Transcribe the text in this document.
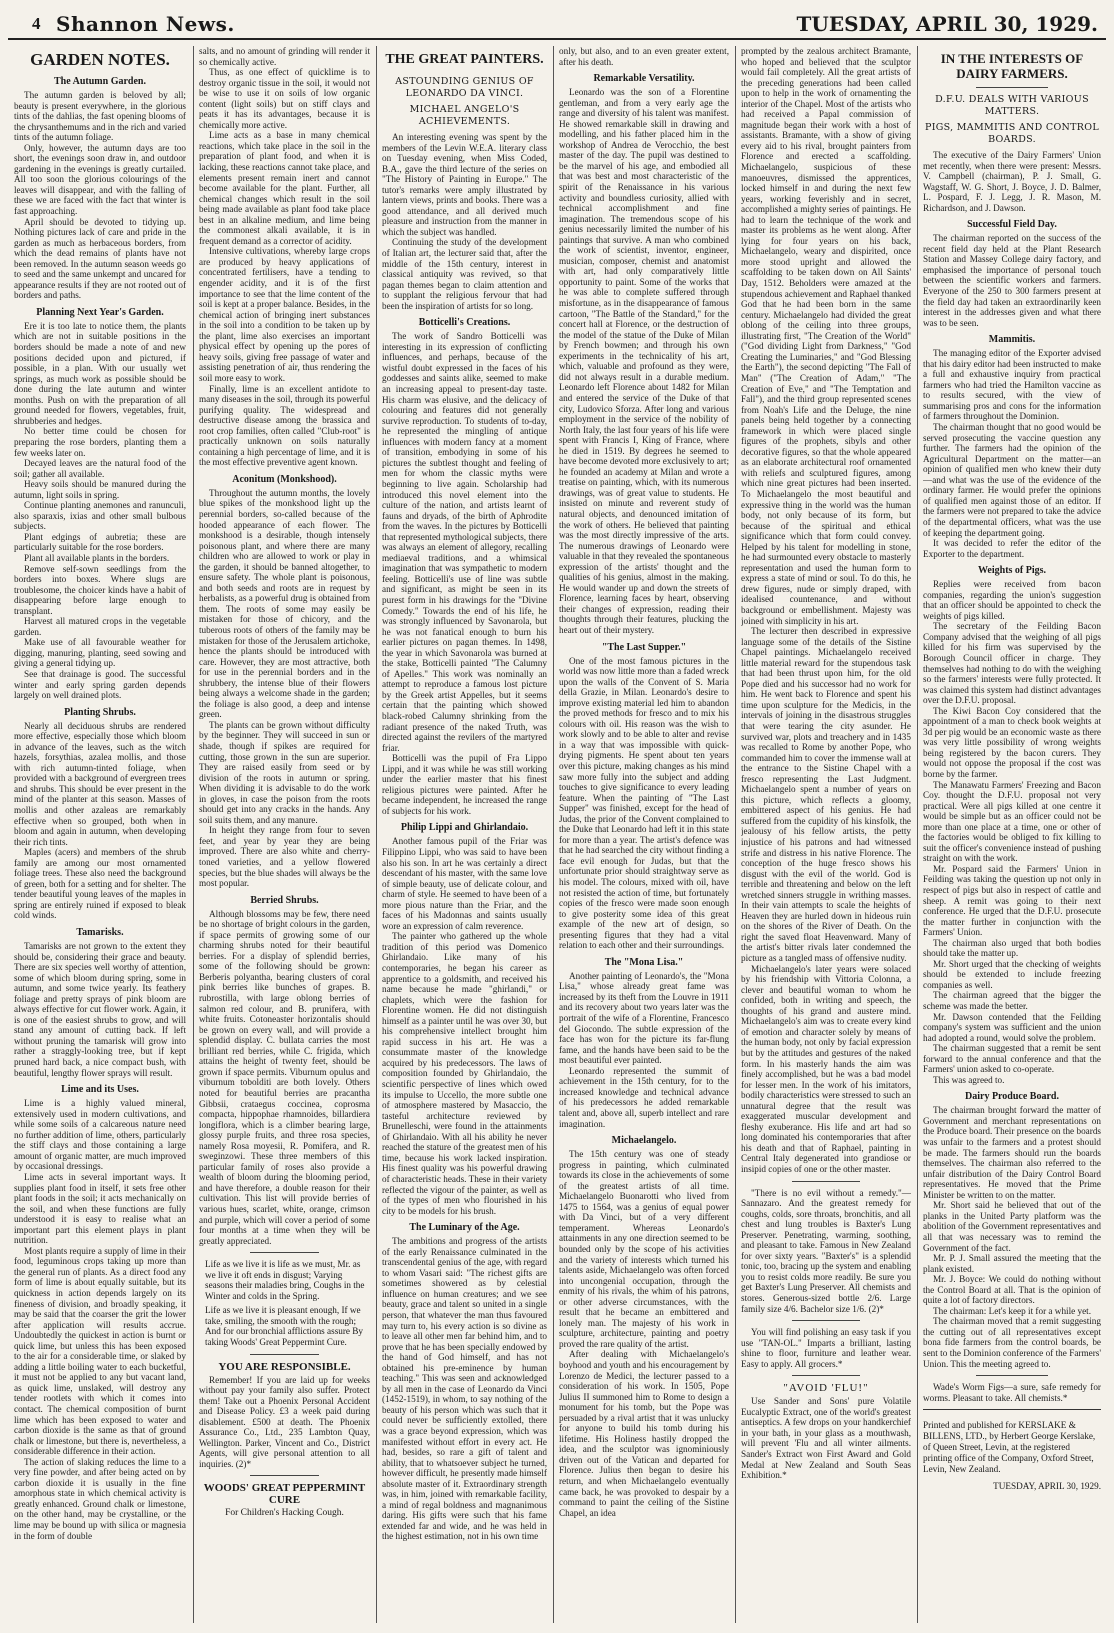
4 Shannon News.	TUESDAY, APRIL 30, 1929.
GARDEN NOTES.
The Autumn Garden.

The autumn garden is beloved by all; beauty is present everywhere, in the glorious tints of the dahlias, the fast opening blooms of the chrysanthemums and in the rich and varied tints of the autumn foliage.

Only, however, the autumn days are too short, the evenings soon draw in, and outdoor gardening in the evenings is greatly curtailed. All too soon the glorious colourings of the leaves will disappear, and with the falling of these we are faced with the fact that winter is fast approaching.

April should be devoted to tidying up. Nothing pictures lack of care and pride in the garden as much as herbaceous borders, from which the dead remains of plants have not been removed. In the autumn season weeds go to seed and the same unkempt and uncared for appearance results if they are not rooted out of borders and paths.

Planning Next Year's Garden.

Ere it is too late to notice them, the plants which are not in suitable positions in the borders should be made a note of and new positions decided upon and pictured, if possible, in a plan. With our usually wet springs, as much work as possible should be done during the late autumn and winter months. Push on with the preparation of all ground needed for flowers, vegetables, fruit, shrubberies and hedges.

No better time could be chosen for preparing the rose borders, planting them a few weeks later on.

Decayed leaves are the natural food of the soil; gather all available.

Heavy soils should be manured during the autumn, light soils in spring.

Continue planting anemones and ranunculi, also sparaxis, ixias and other small bulbous subjects.

Plant edgings of aubretia; these are particularly suitable for the rose borders.

Plant all available plants in the borders.

Remove self-sown seedlings from the borders into boxes. Where slugs are troublesome, the choicer kinds have a habit of disappearing before large enough to transplant.

Harvest all matured crops in the vegetable garden.

Make use of all favourable weather for digging, manuring, planting, seed sowing and giving a general tidying up.

See that drainage is good. The successful winter and early spring garden depends largely on well drained plots.

Planting Shrubs.

Nearly all deciduous shrubs are rendered more effective, especially those which bloom in advance of the leaves, such as the witch hazels, forsythias, azalea mollis, and those with rich autumn-tinted foliage, when provided with a background of evergreen trees and shrubs. This should be ever present in the mind of the planter at this season. Masses of mollis and other azaleas are remarkably effective when so grouped, both when in bloom and again in autumn, when developing their rich tints.

Maples (acers) and members of the shrub family are among our most ornamented foliage trees. These also need the background of green, both for a setting and for shelter. The tender beautiful young leaves of the maples in spring are entirely ruined if exposed to bleak cold winds.

Tamarisks.

Tamarisks are not grown to the extent they should be, considering their grace and beauty. There are six species well worthy of attention, some of which bloom during spring, some in autumn, and some twice yearly. Its feathery foliage and pretty sprays of pink bloom are always effective for cut flower work. Again, it is one of the easiest shrubs to grow, and will stand any amount of cutting back. If left without pruning the tamarisk will grow into rather a straggly-looking tree, but if kept pruned hard back, a nice compact bush, with beautiful, lengthy flower sprays will result.

Lime and its Uses.

Lime is a highly valued mineral, extensively used in modern cultivations, and while some soils of a calcareous nature need no further addition of lime, others, particularly the stiff clays and those containing a large amount of organic matter, are much improved by occasional dressings.

Lime acts in several important ways. It supplies plant food in itself, it sets free other plant foods in the soil; it acts mechanically on the soil, and when these functions are fully understood it is easy to realise what an important part this element plays in plant nutrition.

Most plants require a supply of lime in their food, leguminous crops taking up more than the general run of plants. As a direct food any form of lime is about equally suitable, but its quickness in action depends largely on its fineness of division, and broadly speaking, it may be said that the coarser the grit the lower after application will results accrue. Undoubtedly the quickest in action is burnt or quick lime, but unless this has been exposed to the air for a considerable time, or slaked by adding a little boiling water to each bucketful, it must not be applied to any but vacant land, as quick lime, unslaked, will destroy any tender rootlets with which it comes into contact. The chemical composition of burnt lime which has been exposed to water and carbon dioxide is the same as that of ground chalk or limestone, but there is, nevertheless, a considerable difference in their action.

The action of slaking reduces the lime to a very fine powder, and after being acted on by carbon dioxide it is usually in the fine amorphous state in which chemical activity is greatly enhanced. Ground chalk or limestone, on the other hand, may be crystalline, or the lime may be bound up with silica or magnesia in the form of double

salts, and no amount of grinding will render it so chemically active.

Thus, as one effect of quicklime is to destroy organic tissue in the soil, it would not be wise to use it on soils of low organic content (light soils) but on stiff clays and peats it has its advantages, because it is chemically more active.

Lime acts as a base in many chemical reactions, which take place in the soil in the preparation of plant food, and when it is lacking, these reactions cannot take place, and elements present remain inert and cannot become available for the plant. Further, all chemical changes which result in the soil being made available as plant food take place best in an alkaline medium, and lime being the commonest alkali available, it is in frequent demand as a corrector of acidity.

Intensive cultivations, whereby large crops are produced by heavy applications of concentrated fertilisers, have a tending to engender acidity, and it is of the first importance to see that the lime content of the soil is kept at a proper balance. Besides, in the chemical action of bringing inert substances in the soil into a condition to be taken up by the plant, lime also exercises an important physical effect by opening up the pores of heavy soils, giving free passage of water and assisting penetration of air, thus rendering the soil more easy to work.

Finally, lime is an excellent antidote to many diseases in the soil, through its powerful purifying quality. The widespread and destructive disease among the brassica and root crop families, often called "Club-root" is practically unknown on soils naturally containing a high percentage of lime, and it is the most effective preventive agent known.

Aconitum (Monkshood).

Throughout the autumn months, the lovely blue spikes of the monkshood light up the perennial borders, so-called because of the hooded appearance of each flower. The monkshood is a desirable, though intensely poisonous plant, and where there are many children who are allowed to work or play in the garden, it should be banned altogether, to ensure safety. The whole plant is poisonous, and both seeds and roots are in request by herbalists, as a powerful drug is obtained from them. The roots of some may easily be mistaken for those of chicory, and the tuberous roots of others of the family may be mistaken for those of the Jerusalem artichoke, hence the plants should be introduced with care. However, they are most attractive, both for use in the perennial borders and in the shrubbery, the intense blue of their flowers being always a welcome shade in the garden; the foliage is also good, a deep and intense green.

The plants can be grown without difficulty by the beginner. They will succeed in sun or shade, though if spikes are required for cutting, those grown in the sun are superior. They are raised easily from seed or by division of the roots in autumn or spring. When dividing it is advisable to do the work in gloves, in case the poison from the roots should get into any cracks in the hands. Any soil suits them, and any manure.

In height they range from four to seven feet, and year by year they are being improved. There are also white and cherry-toned varieties, and a yellow flowered species, but the blue shades will always be the most popular.

Berried Shrubs.

Although blossoms may be few, there need be no shortage of bright colours in the garden, if space permits of growing some of our charming shrubs noted for their beautiful berries. For a display of splendid berries, some of the following should be grown: Berberis polyantha, bearing clusters of coral pink berries like bunches of grapes. B. rubrostilla, with large oblong berries of salmon red colour, and B. prunifera, with white fruits. Cotoneaster horizontalis should be grown on every wall, and will provide a splendid display. C. bullata carries the most brilliant red berries, while C. frigida, which attains the height of twenty feet, should be grown if space permits. Viburnum opulus and viburnum tobolditi are both lovely. Others noted for beautiful berries are pracantha Gibbsii, crataegus coccinea, coprosma compacta, hippophae rhamnoides, billardiera longiflora, which is a climber bearing large, glossy purple fruits, and three rosa species, namely Rosa moyesii, R. Pomifera, and R. sweginzowi. These three members of this particular family of roses also provide a wealth of bloom during the blooming period, and have therefore, a double reason for their cultivation. This list will provide berries of various hues, scarlet, white, orange, crimson and purple, which will cover a period of some four months at a time when they will be greatly appreciated.

Life as we live it is life as we must, Mr. as we live it oft ends in disgust; Varying seasons their maladies bring, Coughs in the Winter and colds in the Spring.

Life as we live it is pleasant enough, If we take, smiling, the smooth with the rough; And for our bronchial afflictions assure By taking Woods' Great Peppermint Cure.

YOU ARE RESPONSIBLE.

Remember! If you are laid up for weeks without pay your family also suffer. Protect them! Take out a Phoenix Personal Accident and Disease Policy. £3 a week paid during disablement. £500 at death. The Phoenix Assurance Co., Ltd., 235 Lambton Quay, Wellington. Parker, Vincent and Co., District Agents, will give personal attention to all inquiries. (2)*

WOODS' GREAT PEPPERMINT CURE

For Children's Hacking Cough.

THE GREAT PAINTERS.
ASTOUNDING GENIUS OF LEONARDO DA VINCI.
MICHAEL ANGELO'S ACHIEVEMENTS.

An interesting evening was spent by the members of the Levin W.E.A. literary class on Tuesday evening, when Miss Coded, B.A., gave the third lecture of the series on "The History of Painting in Europe." The tutor's remarks were amply illustrated by lantern views, prints and books. There was a good attendance, and all derived much pleasure and instruction from the manner in which the subject was handled.

Continuing the study of the development of Italian art, the lecturer said that, after the middle of the 15th century, interest in classical antiquity was revived, so that pagan themes began to claim attention and to supplant the religious fervour that had been the inspiration of artists for so long.

Botticelli's Creations.

The work of Sandro Botticelli was interesting in its expression of conflicting influences, and perhaps, because of the wistful doubt expressed in the faces of his goddesses and saints alike, seemed to make an increasing appeal to present-day taste. His charm was elusive, and the delicacy of colouring and features did not generally survive reproduction. To students of to-day, he represented the mingling of antique influences with modern fancy at a moment of transition, embodying in some of his pictures the subtlest thought and feeling of men for whom the classic myths were beginning to live again. Scholarship had introduced this novel element into the culture of the nation, and artists learnt of fauns and dryads, of the birth of Aphrodite from the waves. In the pictures by Botticelli that represented mythological subjects, there was always an element of allegory, recalling mediaeval traditions, and a whimsical imagination that was sympathetic to modern feeling. Botticelli's use of line was subtle and significant, as might be seen in its purest form in his drawings for the "Divine Comedy." Towards the end of his life, he was strongly influenced by Savonarola, but he was not fanatical enough to burn his earlier pictures on pagan themes. In 1498, the year in which Savonarola was burned at the stake, Botticelli painted "The Calumny of Apelles." This work was nominally an attempt to reproduce a famous lost picture by the Greek artist Appelles, but it seems certain that the painting which showed black-robed Calumny shrinking from the radiant presence of the naked Truth, was directed against the revilers of the martyred friar.

Botticelli was the pupil of Fra Lippo Lippi, and it was while he was still working under the earlier master that his finest religious pictures were painted. After he became independent, he increased the range of subjects for his work.

Philip Lippi and Ghirlandaio.

Another famous pupil of the Friar was Filippino Lippi, who was said to have been also his son. In art he was certainly a direct descendant of his master, with the same love of simple beauty, use of delicate colour, and charm of style. He seemed to have been of a more pious nature than the Friar, and the faces of his Madonnas and saints usually wore an expression of calm reverence.

The painter who gathered up the whole tradition of this period was Domenico Ghirlandaio. Like many of his contemporaries, he began his career as apprentice to a goldsmith, and received his name because he made "ghirlandi," or chaplets, which were the fashion for Florentine women. He did not distinguish himself as a painter until he was over 30, but his comprehensive intellect brought him rapid success in his art. He was a consummate master of the knowledge acquired by his predecessors. The laws of composition founded by Ghirlandaio, the scientific perspective of lines which owed its impulse to Uccello, the more subtle one of atmosphere mastered by Masaccio, the tasteful architecture reviewed by Brunelleschi, were found in the attainments of Ghirlandaio. With all his ability he never reached the stature of the greatest men of his time, because his work lacked inspiration. His finest quality was his powerful drawing of characteristic heads. These in their variety reflected the vigour of the painter, as well as of the types of men who flourished in his city to be models for his brush.

The Luminary of the Age.

The ambitions and progress of the artists of the early Renaissance culminated in the transcendental genius of the age, with regard to whom Vasari said: "The richest gifts are sometimes showered as by celestial influence on human creatures; and we see beauty, grace and talent so united in a single person, that whatever the man thus favoured may turn to, his every action is so divine as to leave all other men far behind him, and to prove that he has been specially endowed by the hand of God himself, and has not obtained his pre-eminence by human teaching." This was seen and acknowledged by all men in the case of Leonardo da Vinci (1452-1519), in whom, to say nothing of the beauty of his person which was such that it could never be sufficiently extolled, there was a grace beyond expression, which was manifested without effort in every act. He had, besides, so rare a gift of talent and ability, that to whatsoever subject he turned, however difficult, he presently made himself absolute master of it. Extraordinary strength was, in him, joined with remarkable facility, a mind of regal boldness and magnanimous daring. His gifts were such that his fame extended far and wide, and he was held in the highest estimation, not in his own time

only, but also, and to an even greater extent, after his death.

Remarkable Versatility.

Leonardo was the son of a Florentine gentleman, and from a very early age the range and diversity of his talent was manifest. He showed remarkable skill in drawing and modelling, and his father placed him in the workshop of Andrea de Verocchio, the best master of the day. The pupil was destined to be the marvel of his age, and embodied all that was best and most characteristic of the spirit of the Renaissance in his various activity and boundless curiosity, allied with technical accomplishment and fine imagination. The tremendous scope of his genius necessarily limited the number of his paintings that survive. A man who combined the work of scientist, inventor, engineer, musician, composer, chemist and anatomist with art, had only comparatively little opportunity to paint. Some of the works that he was able to complete suffered through misfortune, as in the disappearance of famous cartoon, "The Battle of the Standard," for the concert hall at Florence, or the destruction of the model of the statue of the Duke of Milan by French bowmen; and through his own experiments in the technicality of his art, which, valuable and profound as they were, did not always result in a durable medium. Leonardo left Florence about 1482 for Milan and entered the service of the Duke of that city, Ludovico Sforza. After long and various employment in the service of the nobility of North Italy, the last four years of his life were spent with Francis I, King of France, where he died in 1519. By degrees he seemed to have become devoted more exclusively to art; he founded an academy at Milan and wrote a treatise on painting, which, with its numerous drawings, was of great value to students. He insisted on minute and reverent study of natural objects, and denounced imitation of the work of others. He believed that painting was the most directly impressive of the arts. The numerous drawings of Leonardo were valuable in that they revealed the spontaneous expression of the artists' thought and the qualities of his genius, almost in the making. He would wander up and down the streets of Florence, learning faces by heart, observing their changes of expression, reading their thoughts through their features, plucking the heart out of their mystery.

"The Last Supper."

One of the most famous pictures in the world was now little more than a faded wreck upon the walls of the Convent of S. Maria della Grazie, in Milan. Leonardo's desire to improve existing material led him to abandon the proved methods for fresco and to mix his colours with oil. His reason was the wish to work slowly and to be able to alter and revise in a way that was impossible with quick-drying pigments. He spent about ten years over this picture, making changes as his mind saw more fully into the subject and adding touches to give significance to every leading feature. When the painting of "The Last Supper" was finished, except for the head of Judas, the prior of the Convent complained to the Duke that Leonardo had left it in this state for more than a year. The artist's defence was that he had searched the city without finding a face evil enough for Judas, but that the unfortunate prior should straightway serve as his model. The colours, mixed with oil, have not resisted the action of time, but fortunately copies of the fresco were made soon enough to give posterity some idea of this great example of the new art of design, so presenting figures that they had a vital relation to each other and their surroundings.

The "Mona Lisa."

Another painting of Leonardo's, the "Mona Lisa," whose already great fame was increased by its theft from the Louvre in 1911 and its recovery about two years later was the portrait of the wife of a Florentine, Francesco del Giocondo. The subtle expression of the face has won for the picture its far-flung fame, and the hands have been said to be the most beautiful ever painted.

Leonardo represented the summit of achievement in the 15th century, for to the increased knowledge and technical advance of his predecessors he added remarkable talent and, above all, superb intellect and rare imagination.

Michaelangelo.

The 15th century was one of steady progress in painting, which culminated towards its close in the achievements of some of the greatest artists of all time. Michaelangelo Buonarotti who lived from 1475 to 1564, was a genius of equal power with Da Vinci, but of a very different temperament. Whereas Leonardo's attainments in any one direction seemed to be bounded only by the scope of his activities and the variety of interests which turned his talents aside, Michaelangelo was often forced into uncongenial occupation, through the enmity of his rivals, the whim of his patrons, or other adverse circumstances, with the result that he became an embittered and lonely man. The majesty of his work in sculpture, architecture, painting and poetry proved the rare quality of the artist.

After dealing with Michaelangelo's boyhood and youth and his encouragement by Lorenzo de Medici, the lecturer passed to a consideration of his work. In 1505, Pope Julius II summoned him to Rome to design a monument for his tomb, but the Pope was persuaded by a rival artist that it was unlucky for anyone to build his tomb during his lifetime. His Holiness hastily dropped the idea, and the sculptor was ignominiously driven out of the Vatican and departed for Florence. Julius then began to desire his return, and when Michaelangelo eventually came back, he was provoked to despair by a command to paint the ceiling of the Sistine Chapel, an idea

prompted by the zealous architect Bramante, who hoped and believed that the sculptor would fail completely. All the great artists of the preceding generations had been called upon to help in the work of ornamenting the interior of the Chapel. Most of the artists who had received a Papal commission of magnitude began their work with a host of assistants. Bramante, with a show of giving every aid to his rival, brought painters from Florence and erected a scaffolding. Michaelangelo, suspicious of these manoeuvres, dismissed the apprentices, locked himself in and during the next few years, working feverishly and in secret, accomplished a mighty series of paintings. He had to learn the technique of the work and master its problems as he went along. After lying for four years on his back, Michaelangelo, weary and dispirited, once more stood upright and allowed the scaffolding to be taken down on All Saints' Day, 1512. Beholders were amazed at the stupendous achievement and Raphael thanked God that he had been born in the same century. Michaelangelo had divided the great oblong of the ceiling into three groups, illustrating first, "The Creation of the World" ("God dividing Light from Darkness," "God Creating the Luminaries," and "God Blessing the Earth"), the second depicting "The Fall of Man" ("The Creation of Adam," "The Creation of Eve," and "The Temptation and Fall"), and the third group represented scenes from Noah's Life and the Deluge, the nine panels being held together by a connecting framework in which were placed single figures of the prophets, sibyls and other decorative figures, so that the whole appeared as an elaborate architectural roof ornamented with reliefs and sculptured figures, among which nine great pictures had been inserted. To Michaelangelo the most beautiful and expressive thing in the world was the human body, not only because of its form, but because of the spiritual and ethical significance which that form could convey. Helped by his talent for modelling in stone, he had surmounted every obstacle to masterly representation and used the human form to express a state of mind or soul. To do this, he drew figures, nude or simply draped, with idealised countenance, and without background or embellishment. Majesty was joined with simplicity in his art.

The lecturer then described in expressive language some of the details of the Sistine Chapel paintings. Michaelangelo received little material reward for the stupendous task that had been thrust upon him, for the old Pope died and his successor had no work for him. He went back to Florence and spent his time upon sculpture for the Medicis, in the intervals of joining in the disastrous struggles that were tearing the city asunder. He survived war, plots and treachery and in 1435 was recalled to Rome by another Pope, who commanded him to cover the immense wall at the entrance to the Sistine Chapel with a fresco representing the Last Judgment. Michaelangelo spent a number of years on this picture, which reflects a gloomy, embittered aspect of his genius. He had suffered from the cupidity of his kinsfolk, the jealousy of his fellow artists, the petty injustice of his patrons and had witnessed strife and distress in his native Florence. The conception of the huge fresco shows his disgust with the evil of the world. God is terrible and threatening and below on the left wretched sinners struggle in writhing masses. In their vain attempts to scale the heights of Heaven they are hurled down in hideous ruin on the shores of the River of Death. On the right the saved float Heavenward. Many of the artist's bitter rivals later condemned the picture as a tangled mass of offensive nudity.

Michaelangelo's later years were solaced by his friendship with Vittoria Colonna, a clever and beautiful woman to whom he confided, both in writing and speech, the thoughts of his grand and austere mind. Michaelangelo's aim was to create every kind of emotion and character solely by means of the human body, not only by facial expression but by the attitudes and gestures of the naked form. In his masterly hands the aim was finely accomplished, but he was a bad model for lesser men. In the work of his imitators, bodily characteristics were stressed to such an unnatural degree that the result was exaggerated muscular development and fleshy exuberance. His life and art had so long dominated his contemporaries that after his death and that of Raphael, painting in Central Italy degenerated into grandiose or insipid copies of one or the other master.

"There is no evil without a remedy."—Sannazaro. And the greatest remedy for coughs, colds, sore throats, bronchitis, and all chest and lung troubles is Baxter's Lung Preserver. Penetrating, warming, soothing, and pleasant to take. Famous in New Zealand for over sixty years. "Baxter's" is a splendid tonic, too, bracing up the system and enabling you to resist colds more readily. Be sure you get Baxter's Lung Preserver. All chemists and stores. Generous-sized bottle 2/6. Large family size 4/6. Bachelor size 1/6. (2)*

You will find polishing an easy task if you use "TAN-OL." Imparts a brilliant, lasting shine to floor, furniture and leather wear. Easy to apply. All grocers.*

"AVOID 'FLU!"

Use Sander and Sons' pure Volatile Eucalyptic Extract, one of the world's greatest antiseptics. A few drops on your handkerchief in your bath, in your glass as a mouthwash, will prevent 'Flu and all winter ailments. Sander's Extract won First Award and Gold Medal at New Zealand and South Seas Exhibition.*

IN THE INTERESTS OF DAIRY FARMERS.
D.F.U. DEALS WITH VARIOUS MATTERS.
PIGS, MAMMITIS AND CONTROL BOARDS.

The executive of the Dairy Farmers' Union met recently, when there were present: Messrs. V. Campbell (chairman), P. J. Small, G. Wagstaff, W. G. Short, J. Boyce, J. D. Balmer, L. Pospard, F. J. Legg, J. R. Mason, M. Richardson, and J. Dawson.

Successful Field Day.

The chairman reported on the success of the recent field day held at the Plant Research Station and Massey College dairy factory, and emphasised the importance of personal touch between the scientific workers and farmers. Everyone of the 250 to 300 farmers present at the field day had taken an extraordinarily keen interest in the addresses given and what there was to be seen.

Mammitis.

The managing editor of the Exporter advised that his dairy editor had been instructed to make a full and exhaustive inquiry from practical farmers who had tried the Hamilton vaccine as to results secured, with the view of summarising pros and cons for the information of farmers throughout the Dominion.

The chairman thought that no good would be served prosecuting the vaccine question any further. The farmers had the opinion of the Agricultural Department on the matter—an opinion of qualified men who knew their duty—and what was the use of the evidence of the ordinary farmer. He would prefer the opinions of qualified men against those of an editor. If the farmers were not prepared to take the advice of the departmental officers, what was the use of keeping the department going.

It was decided to refer the editor of the Exporter to the department.

Weights of Pigs.

Replies were received from bacon companies, regarding the union's suggestion that an officer should be appointed to check the weights of pigs killed.

The secretary of the Feilding Bacon Company advised that the weighing of all pigs killed for his firm was supervised by the Borough Council officer in charge. They themselves had nothing to do with the weighing so the farmers' interests were fully protected. It was claimed this system had distinct advantages over the D.F.U. proposal.

The Kiwi Bacon Coy considered that the appointment of a man to check book weights at 3d per pig would be an economic waste as there was very little possibility of wrong weights being registered by the bacon curers. They would not oppose the proposal if the cost was borne by the farmer.

The Manawatu Farmers' Freezing and Bacon Coy. thought the D.F.U. proposal not very practical. Were all pigs killed at one centre it would be simple but as an officer could not be more than one place at a time, one or other of the factories would be obliged to fix killing to suit the officer's convenience instead of pushing straight on with the work.

Mr. Pospard said the Farmers' Union in Feilding was taking the question up not only in respect of pigs but also in respect of cattle and sheep. A remit was going to their next conference. He urged that the D.F.U. prosecute the matter further in conjunction with the Farmers' Union.

The chairman also urged that both bodies should take the matter up.

Mr. Short urged that the checking of weights should be extended to include freezing companies as well.

The chairman agreed that the bigger the scheme was made the better.

Mr. Dawson contended that the Feilding company's system was sufficient and the union had adopted a round, would solve the problem.

The chairman suggested that a remit be sent forward to the annual conference and that the Farmers' union asked to co-operate.

This was agreed to.

Dairy Produce Board.

The chairman brought forward the matter of Government and merchant representations on the Produce board. Their presence on the boards was unfair to the farmers and a protest should be made. The farmers should run the boards themselves. The chairman also referred to the unfair distribution of the Dairy Control Board representatives. He moved that the Prime Minister be written to on the matter.

Mr. Short said he believed that out of the planks in the United Party platform was the abolition of the Government representatives and all that was necessary was to remind the Government of the fact.

Mr. P. J. Small assured the meeting that the plank existed.

Mr. J. Boyce: We could do nothing without the Control Board at all. That is the opinion of quite a lot of factory directors.

The chairman: Let's keep it for a while yet.

The chairman moved that a remit suggesting the cutting out of all representatives except bona fide farmers from the control boards, be sent to the Dominion conference of the Farmers' Union. This the meeting agreed to.

Wade's Worm Figs—a sure, safe remedy for worms. Pleasant to take. All chemists.*

Printed and published for KERSLAKE & BILLENS, LTD., by Herbert George Kerslake, of Queen Street, Levin, at the registered printing office of the Company, Oxford Street, Levin, New Zealand.

TUESDAY, APRIL 30, 1929.
